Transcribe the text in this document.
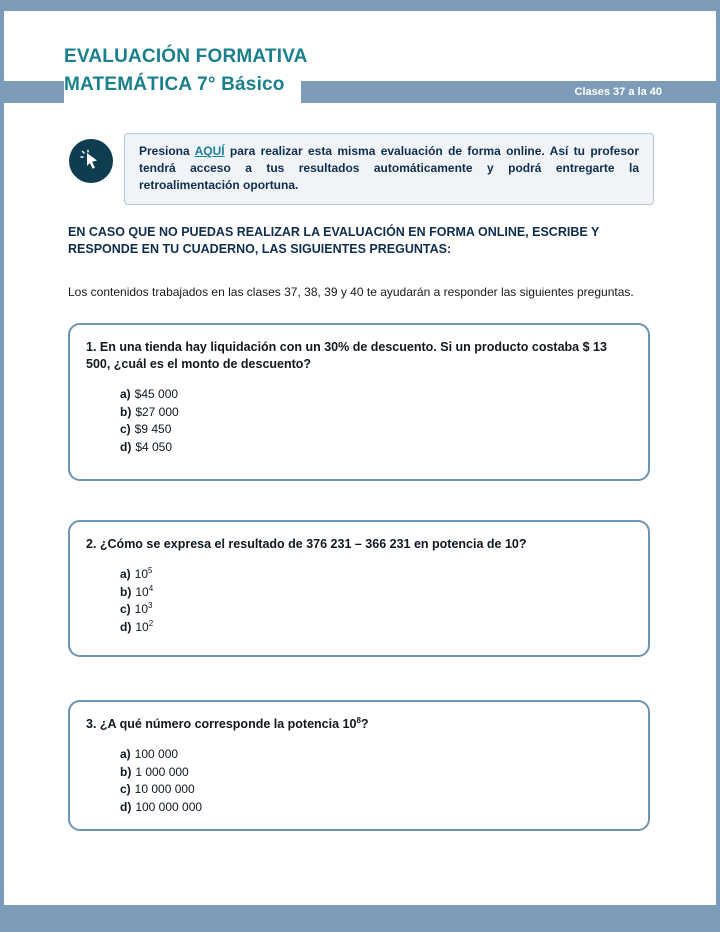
Clases 37 a la 40
EVALUACIÓN FORMATIVA
MATEMÁTICA 7° Básico
Presiona AQUÍ para realizar esta misma evaluación de forma online. Así tu profesor tendrá acceso a tus resultados automáticamente y podrá entregarte la retroalimentación oportuna.
EN CASO QUE NO PUEDAS REALIZAR LA EVALUACIÓN EN FORMA ONLINE, ESCRIBE Y RESPONDE EN TU CUADERNO, LAS SIGUIENTES PREGUNTAS:
Los contenidos trabajados en las clases 37, 38, 39 y 40 te ayudarán a responder las siguientes preguntas.
1. En una tienda hay liquidación con un 30% de descuento. Si un producto costaba $ 13 500, ¿cuál es el monto de descuento?
a) $45 000
b) $27 000
c) $9 450
d) $4 050
2. ¿Cómo se expresa el resultado de 376 231 – 366 231 en potencia de 10?
a) $10^5$
b) $10^4$
c) $10^3$
d) $10^2$
3. ¿A qué número corresponde la potencia $10^8$?
a) 100 000
b) 1 000 000
c) 10 000 000
d) 100 000 000
